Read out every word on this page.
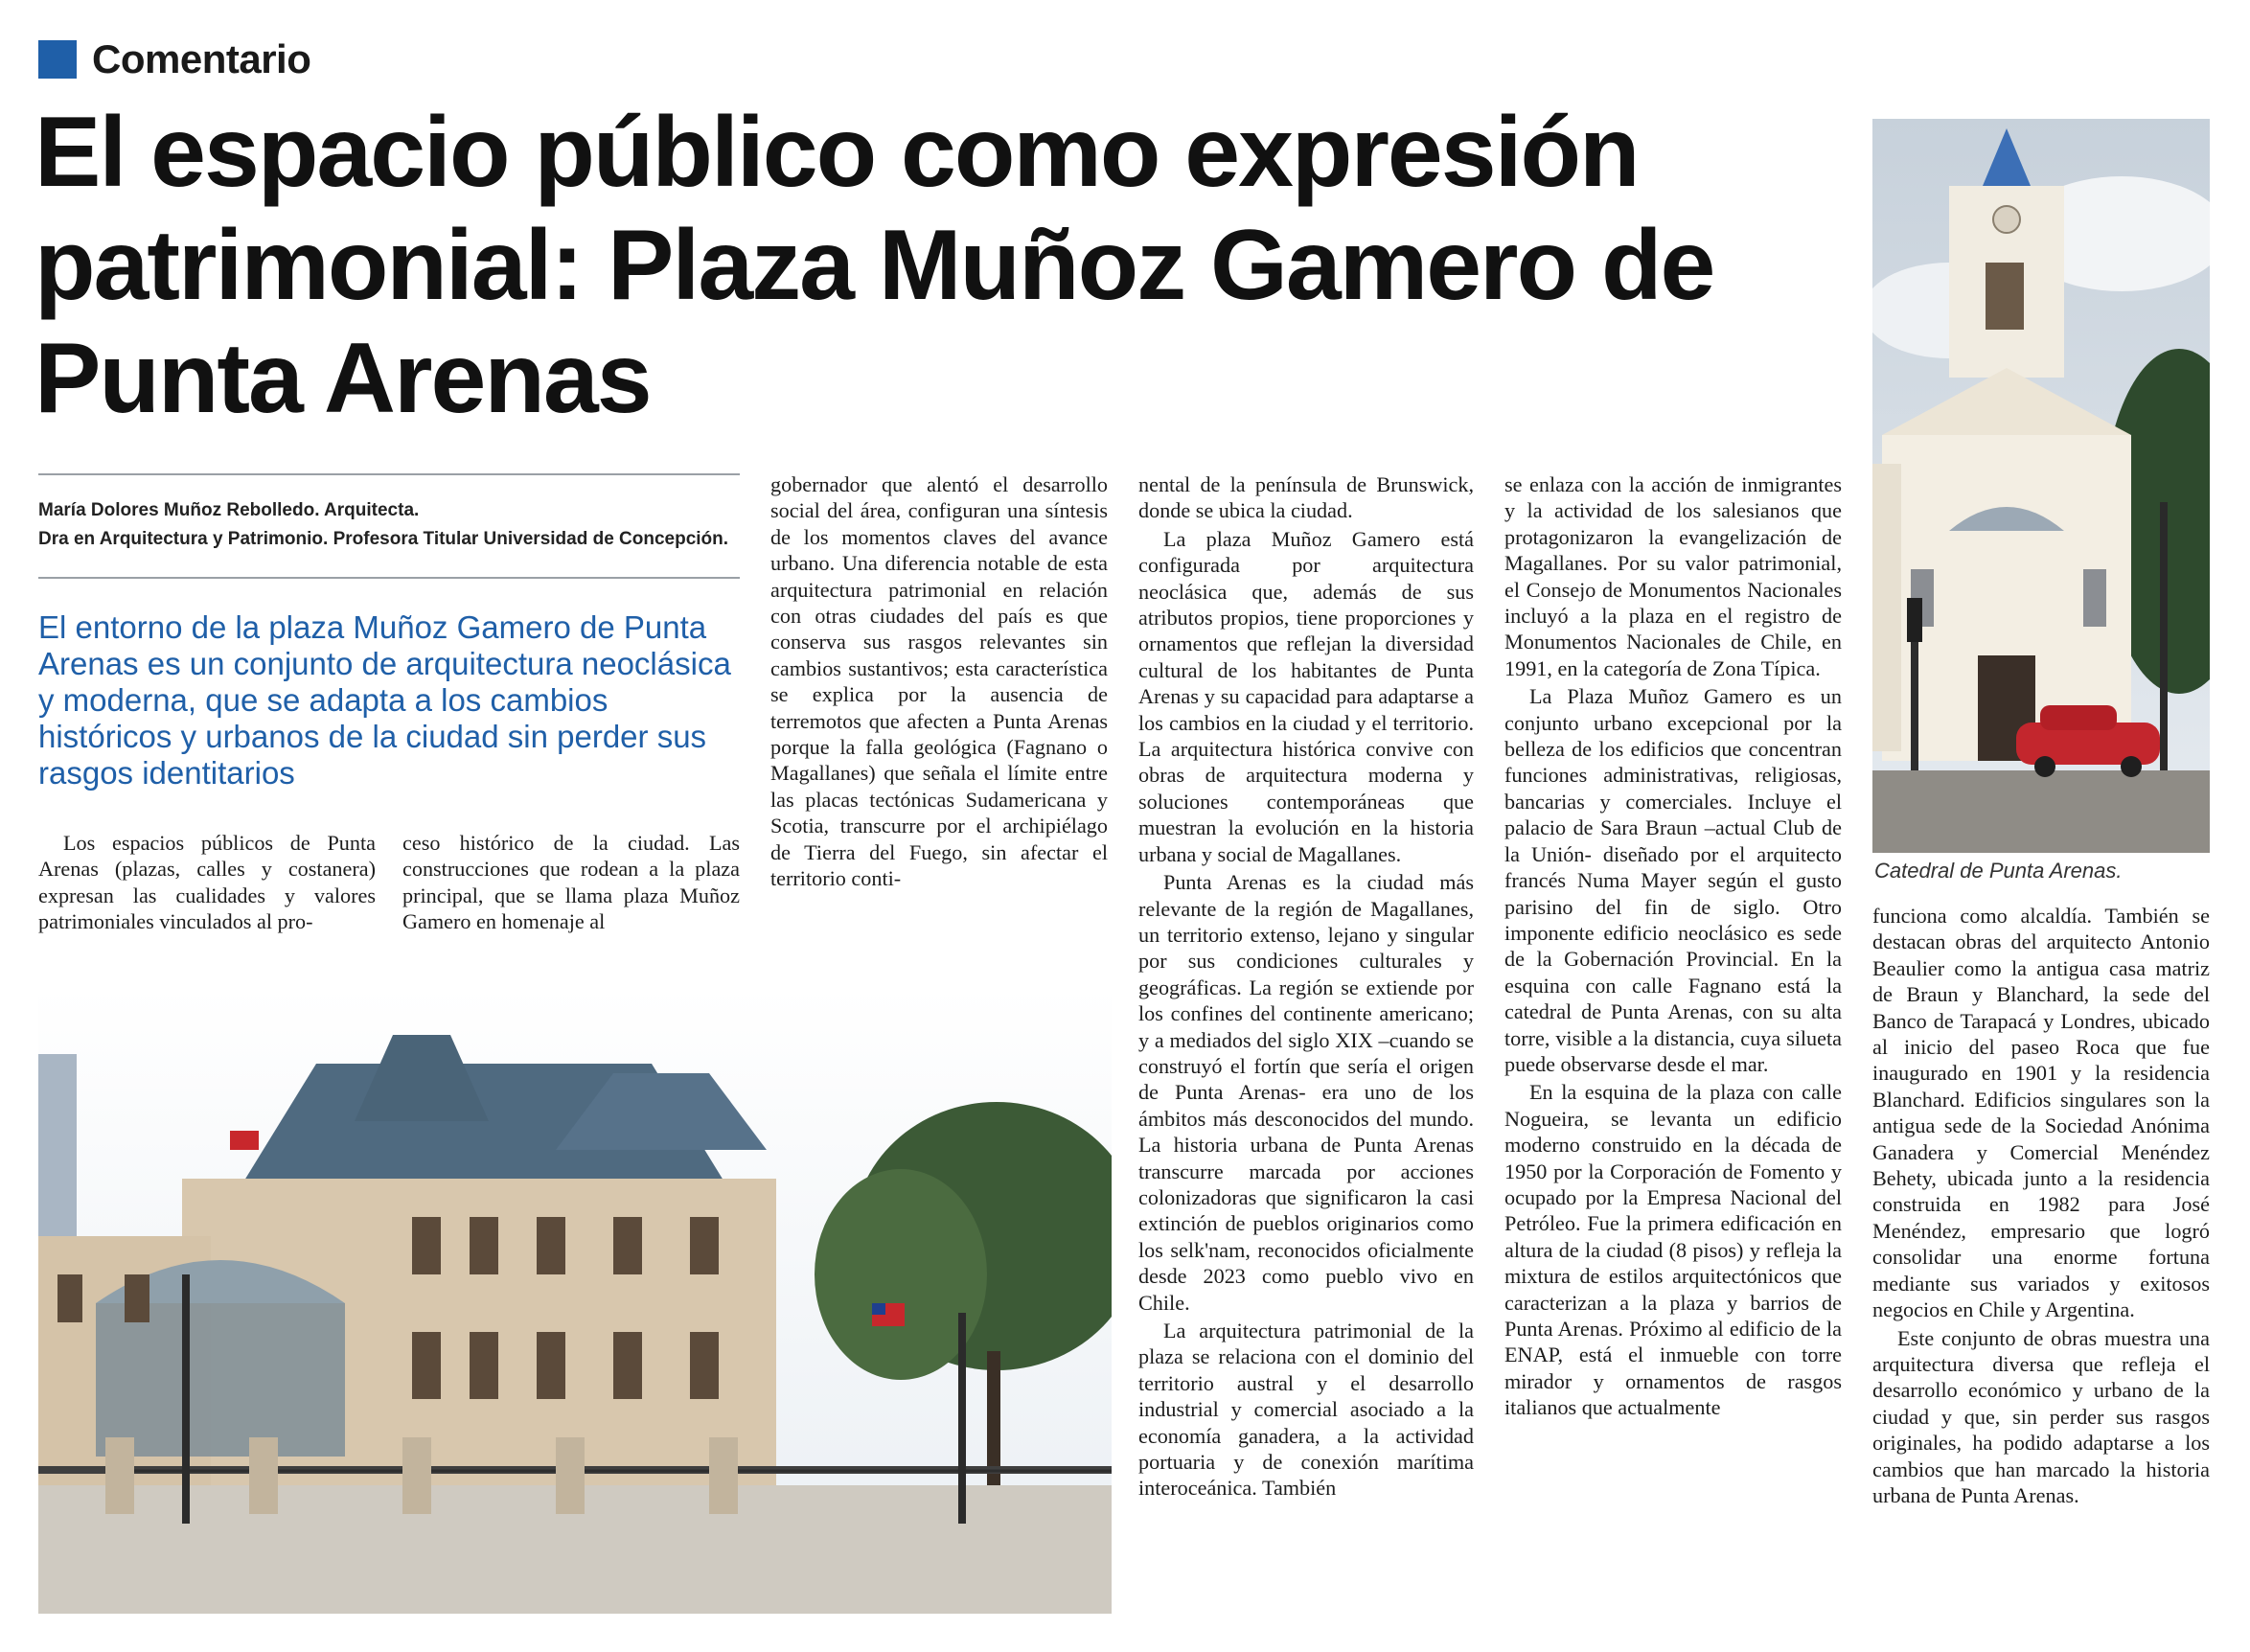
Comentario
El espacio público como expresión patrimonial: Plaza Muñoz Gamero de Punta Arenas
María Dolores Muñoz Rebolledo. Arquitecta.
Dra en Arquitectura y Patrimonio. Profesora Titular Universidad de Concepción.
El entorno de la plaza Muñoz Gamero de Punta Arenas es un conjunto de arquitectura neoclásica y moderna, que se adapta a los cambios históricos y urbanos de la ciudad sin perder sus rasgos identitarios

Los espacios públicos de Punta Arenas (plazas, calles y costanera) expresan las cualidades y valores patrimoniales vinculados al pro-

ceso histórico de la ciudad. Las construcciones que rodean a la plaza principal, que se llama plaza Muñoz Gamero en homenaje al

gobernador que alentó el desarrollo social del área, configuran una síntesis de los momentos claves del avance urbano. Una diferencia notable de esta arquitectura patrimonial en relación con otras ciudades del país es que conserva sus rasgos relevantes sin cambios sustantivos; esta característica se explica por la ausencia de terremotos que afecten a Punta Arenas porque la falla geológica (Fagnano o Magallanes) que señala el límite entre las placas tectónicas Sudamericana y Scotia, transcurre por el archipiélago de Tierra del Fuego, sin afectar el territorio conti-

nental de la península de Brunswick, donde se ubica la ciudad.

La plaza Muñoz Gamero está configurada por arquitectura neoclásica que, además de sus atributos propios, tiene proporciones y ornamentos que reflejan la diversidad cultural de los habitantes de Punta Arenas y su capacidad para adaptarse a los cambios en la ciudad y el territorio. La arquitectura histórica convive con obras de arquitectura moderna y soluciones contemporáneas que muestran la evolución en la historia urbana y social de Magallanes.

Punta Arenas es la ciudad más relevante de la región de Magallanes, un territorio extenso, lejano y singular por sus condiciones culturales y geográficas. La región se extiende por los confines del continente americano; y a mediados del siglo XIX –cuando se construyó el fortín que sería el origen de Punta Arenas- era uno de los ámbitos más desconocidos del mundo. La historia urbana de Punta Arenas transcurre marcada por acciones colonizadoras que significaron la casi extinción de pueblos originarios como los selk'nam, reconocidos oficialmente desde 2023 como pueblo vivo en Chile.

La arquitectura patrimonial de la plaza se relaciona con el dominio del territorio austral y el desarrollo industrial y comercial asociado a la economía ganadera, a la actividad portuaria y de conexión marítima interoceánica. También

se enlaza con la acción de inmigrantes y la actividad de los salesianos que protagonizaron la evangelización de Magallanes. Por su valor patrimonial, el Consejo de Monumentos Nacionales incluyó a la plaza en el registro de Monumentos Nacionales de Chile, en 1991, en la categoría de Zona Típica.

La Plaza Muñoz Gamero es un conjunto urbano excepcional por la belleza de los edificios que concentran funciones administrativas, religiosas, bancarias y comerciales. Incluye el palacio de Sara Braun –actual Club de la Unión- diseñado por el arquitecto francés Numa Mayer según el gusto parisino del fin de siglo. Otro imponente edificio neoclásico es sede de la Gobernación Provincial. En la esquina con calle Fagnano está la catedral de Punta Arenas, con su alta torre, visible a la distancia, cuya silueta puede observarse desde el mar.

En la esquina de la plaza con calle Nogueira, se levanta un edificio moderno construido en la década de 1950 por la Corporación de Fomento y ocupado por la Empresa Nacional del Petróleo. Fue la primera edificación en altura de la ciudad (8 pisos) y refleja la mixtura de estilos arquitectónicos que caracterizan a la plaza y barrios de Punta Arenas. Próximo al edificio de la ENAP, está el inmueble con torre mirador y ornamentos de rasgos italianos que actualmente

Catedral de Punta Arenas.

funciona como alcaldía. También se destacan obras del arquitecto Antonio Beaulier como la antigua casa matriz de Braun y Blanchard, la sede del Banco de Tarapacá y Londres, ubicado al inicio del paseo Roca que fue inaugurado en 1901 y la residencia Blanchard. Edificios singulares son la antigua sede de la Sociedad Anónima Ganadera y Comercial Menéndez Behety, ubicada junto a la residencia construida en 1982 para José Menéndez, empresario que logró consolidar una enorme fortuna mediante sus variados y exitosos negocios en Chile y Argentina.

Este conjunto de obras muestra una arquitectura diversa que refleja el desarrollo económico y urbano de la ciudad y que, sin perder sus rasgos originales, ha podido adaptarse a los cambios que han marcado la historia urbana de Punta Arenas.
